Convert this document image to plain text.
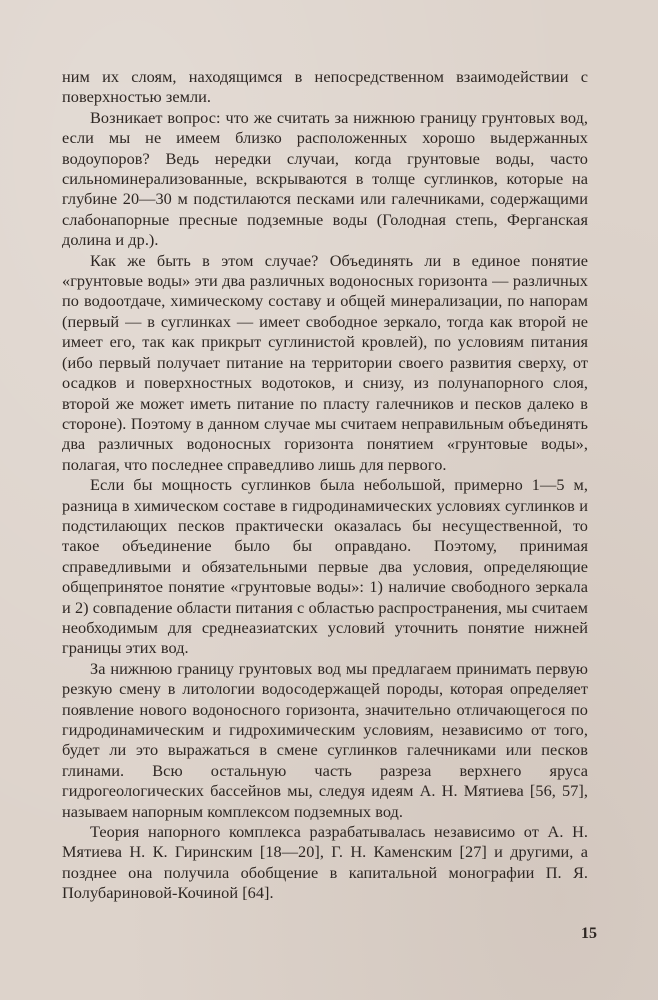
ним их слоям, находящимся в непосредственном взаимодействии с поверхностью земли.

Возникает вопрос: что же считать за нижнюю границу грунтовых вод, если мы не имеем близко расположенных хорошо выдержанных водоупоров? Ведь нередки случаи, когда грунтовые воды, часто сильноминерализованные, вскрываются в толще суглинков, которые на глубине 20—30 м подстилаются песками или галечниками, содержащими слабонапорные пресные подземные воды (Голодная степь, Ферганская долина и др.).

Как же быть в этом случае? Объединять ли в единое понятие «грунтовые воды» эти два различных водоносных горизонта — различных по водоотдаче, химическому составу и общей минерализации, по напорам (первый — в суглинках — имеет свободное зеркало, тогда как второй не имеет его, так как прикрыт суглинистой кровлей), по условиям питания (ибо первый получает питание на территории своего развития сверху, от осадков и поверхностных водотоков, и снизу, из полунапорного слоя, второй же может иметь питание по пласту галечников и песков далеко в стороне). Поэтому в данном случае мы считаем неправильным объединять два различных водоносных горизонта понятием «грунтовые воды», полагая, что последнее справедливо лишь для первого.

Если бы мощность суглинков была небольшой, примерно 1—5 м, разница в химическом составе в гидродинамических условиях суглинков и подстилающих песков практически оказалась бы несущественной, то такое объединение было бы оправдано. Поэтому, принимая справедливыми и обязательными первые два условия, определяющие общепринятое понятие «грунтовые воды»: 1) наличие свободного зеркала и 2) совпадение области питания с областью распространения, мы считаем необходимым для среднеазиатских условий уточнить понятие нижней границы этих вод.

За нижнюю границу грунтовых вод мы предлагаем принимать первую резкую смену в литологии водосодержащей породы, которая определяет появление нового водоносного горизонта, значительно отличающегося по гидродинамическим и гидрохимическим условиям, независимо от того, будет ли это выражаться в смене суглинков галечниками или песков глинами. Всю остальную часть разреза верхнего яруса гидрогеологических бассейнов мы, следуя идеям А. Н. Мятиева [56, 57], называем напорным комплексом подземных вод.

Теория напорного комплекса разрабатывалась независимо от А. Н. Мятиева Н. К. Гиринским [18—20], Г. Н. Каменским [27] и другими, а позднее она получила обобщение в капитальной монографии П. Я. Полубариновой-Кочиной [64].

15
